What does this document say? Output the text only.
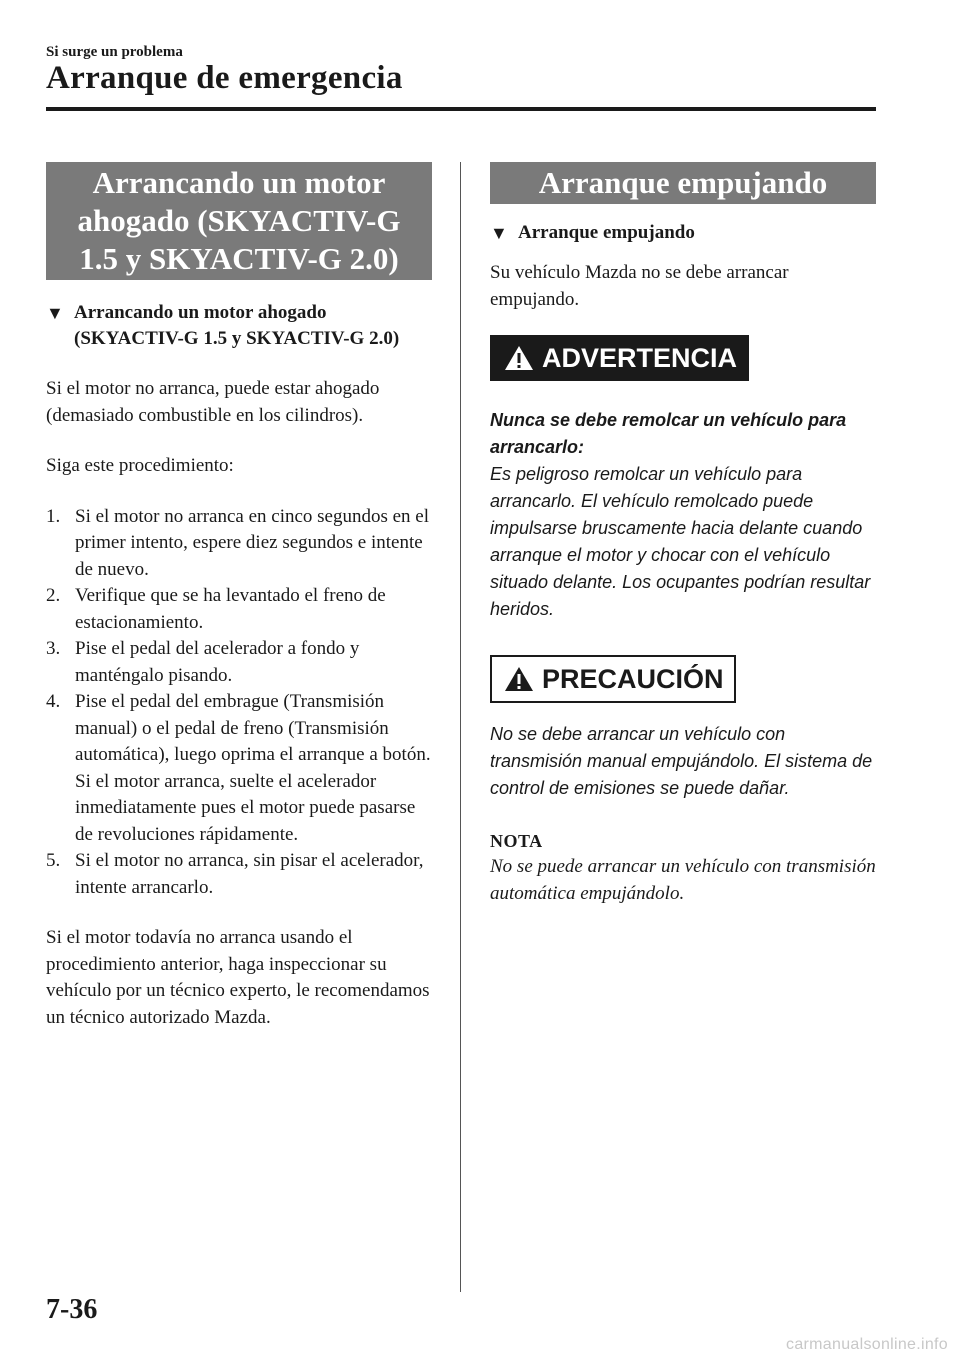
Si surge un problema
Arranque de emergencia
Arrancando un motor
ahogado (SKYACTIV-G
1.5 y SKYACTIV-G 2.0)
▼ Arrancando un motor ahogado (SKYACTIV-G 1.5 y SKYACTIV-G 2.0)

Si el motor no arranca, puede estar ahogado (demasiado combustible en los cilindros).

Siga este procedimiento:

1. Si el motor no arranca en cinco segundos en el primer intento, espere diez segundos e intente de nuevo.
2. Verifique que se ha levantado el freno de estacionamiento.
3. Pise el pedal del acelerador a fondo y manténgalo pisando.
4. Pise el pedal del embrague (Transmisión manual) o el pedal de freno (Transmisión automática), luego oprima el arranque a botón. Si el motor arranca, suelte el acelerador inmediatamente pues el motor puede pasarse de revoluciones rápidamente.
5. Si el motor no arranca, sin pisar el acelerador, intente arrancarlo.

Si el motor todavía no arranca usando el procedimiento anterior, haga inspeccionar su vehículo por un técnico experto, le recomendamos un técnico autorizado Mazda.

Arranque empujando
▼ Arranque empujando

Su vehículo Mazda no se debe arrancar empujando.

ADVERTENCIA

Nunca se debe remolcar un vehículo para arrancarlo:

Es peligroso remolcar un vehículo para arrancarlo. El vehículo remolcado puede impulsarse bruscamente hacia delante cuando arranque el motor y chocar con el vehículo situado delante. Los ocupantes podrían resultar heridos.

PRECAUCIÓN

No se debe arrancar un vehículo con transmisión manual empujándolo. El sistema de control de emisiones se puede dañar.

NOTA

No se puede arrancar un vehículo con transmisión automática empujándolo.

7-36
carmanualsonline.info
